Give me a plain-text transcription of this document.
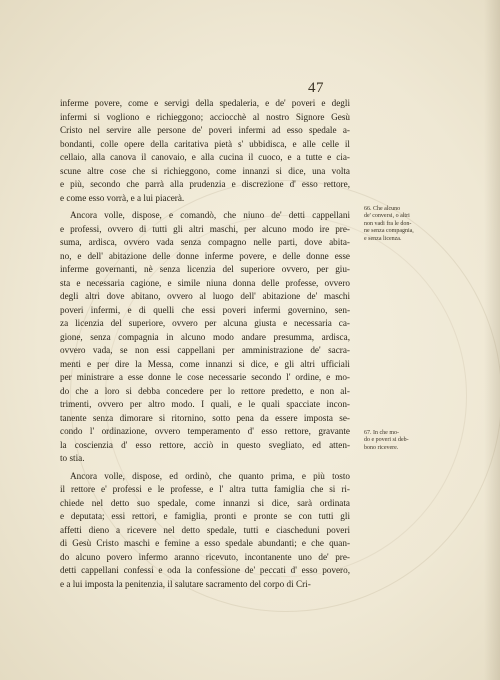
47
inferme povere, come e servigi della spedaleria, e de' poveri e degli
infermi si vogliono e richieggono; acciocchè al nostro Signore Gesù
Cristo nel servire alle persone de' poveri infermi ad esso spedale a-
bondanti, colle opere della caritativa pietà s' ubbidisca, e alle celle il
cellaio, alla canova il canovaio, e alla cucina il cuoco, e a tutte e cia-
scune altre cose che si richieggono, come innanzi si dice, una volta
e più, secondo che parrà alla prudenzia e discrezione d' esso rettore,
e come esso vorrà, e a lui piacerà.
Ancora volle, dispose, e comandò, che niuno de' detti cappellani
e professi, ovvero di tutti gli altri maschi, per alcuno modo ire pre-
suma, ardisca, ovvero vada senza compagno nelle parti, dove abita-
no, e dell' abitazione delle donne inferme povere, e delle donne esse
inferme governanti, nè senza licenzia del superiore ovvero, per giu-
sta e necessaria cagione, e simile niuna donna delle professe, ovvero
degli altri dove abitano, ovvero al luogo dell' abitazione de' maschi
poveri infermi, e di quelli che essi poveri infermi governino, sen-
za licenzia del superiore, ovvero per alcuna giusta e necessaria ca-
gione, senza compagnia in alcuno modo andare presumma, ardisca,
ovvero vada, se non essi cappellani per amministrazione de' sacra-
menti e per dire la Messa, come innanzi si dice, e gli altri ufficiali
per ministrare a esse donne le cose necessarie secondo l' ordine, e mo-
do che a loro si debba concedere per lo rettore predetto, e non al-
trimenti, ovvero per altro modo. I quali, e le quali spacciate incon-
tanente senza dimorare si ritornino, sotto pena da essere imposta se-
condo l' ordinazione, ovvero temperamento d' esso rettore, gravante
la coscienzia d' esso rettore, acciò in questo svegliato, ed atten-
to stia.
Ancora volle, dispose, ed ordinò, che quanto prima, e più tosto
il rettore e' professi e le professe, e l' altra tutta famiglia che si ri-
chiede nel detto suo spedale, come innanzi si dice, sarà ordinata
e deputata; essi rettori, e famiglia, pronti e pronte se con tutti gli
affetti dieno a ricevere nel detto spedale, tutti e ciascheduni poveri
di Gesù Cristo maschi e femine a esso spedale abundanti; e che quan-
do alcuno povero infermo aranno ricevuto, incontanente uno de' pre-
detti cappellani confessi e oda la confessione de' peccati d' esso povero,
e a lui imposta la penitenzia, il salutare sacramento del corpo di Cri-
66. Che alcuno
de' conversi, o altri
non vadi fra le don-
ne senza compagnia,
e senza licenza.
67. In che mo-
do e poveri si deb-
bono ricevere.
